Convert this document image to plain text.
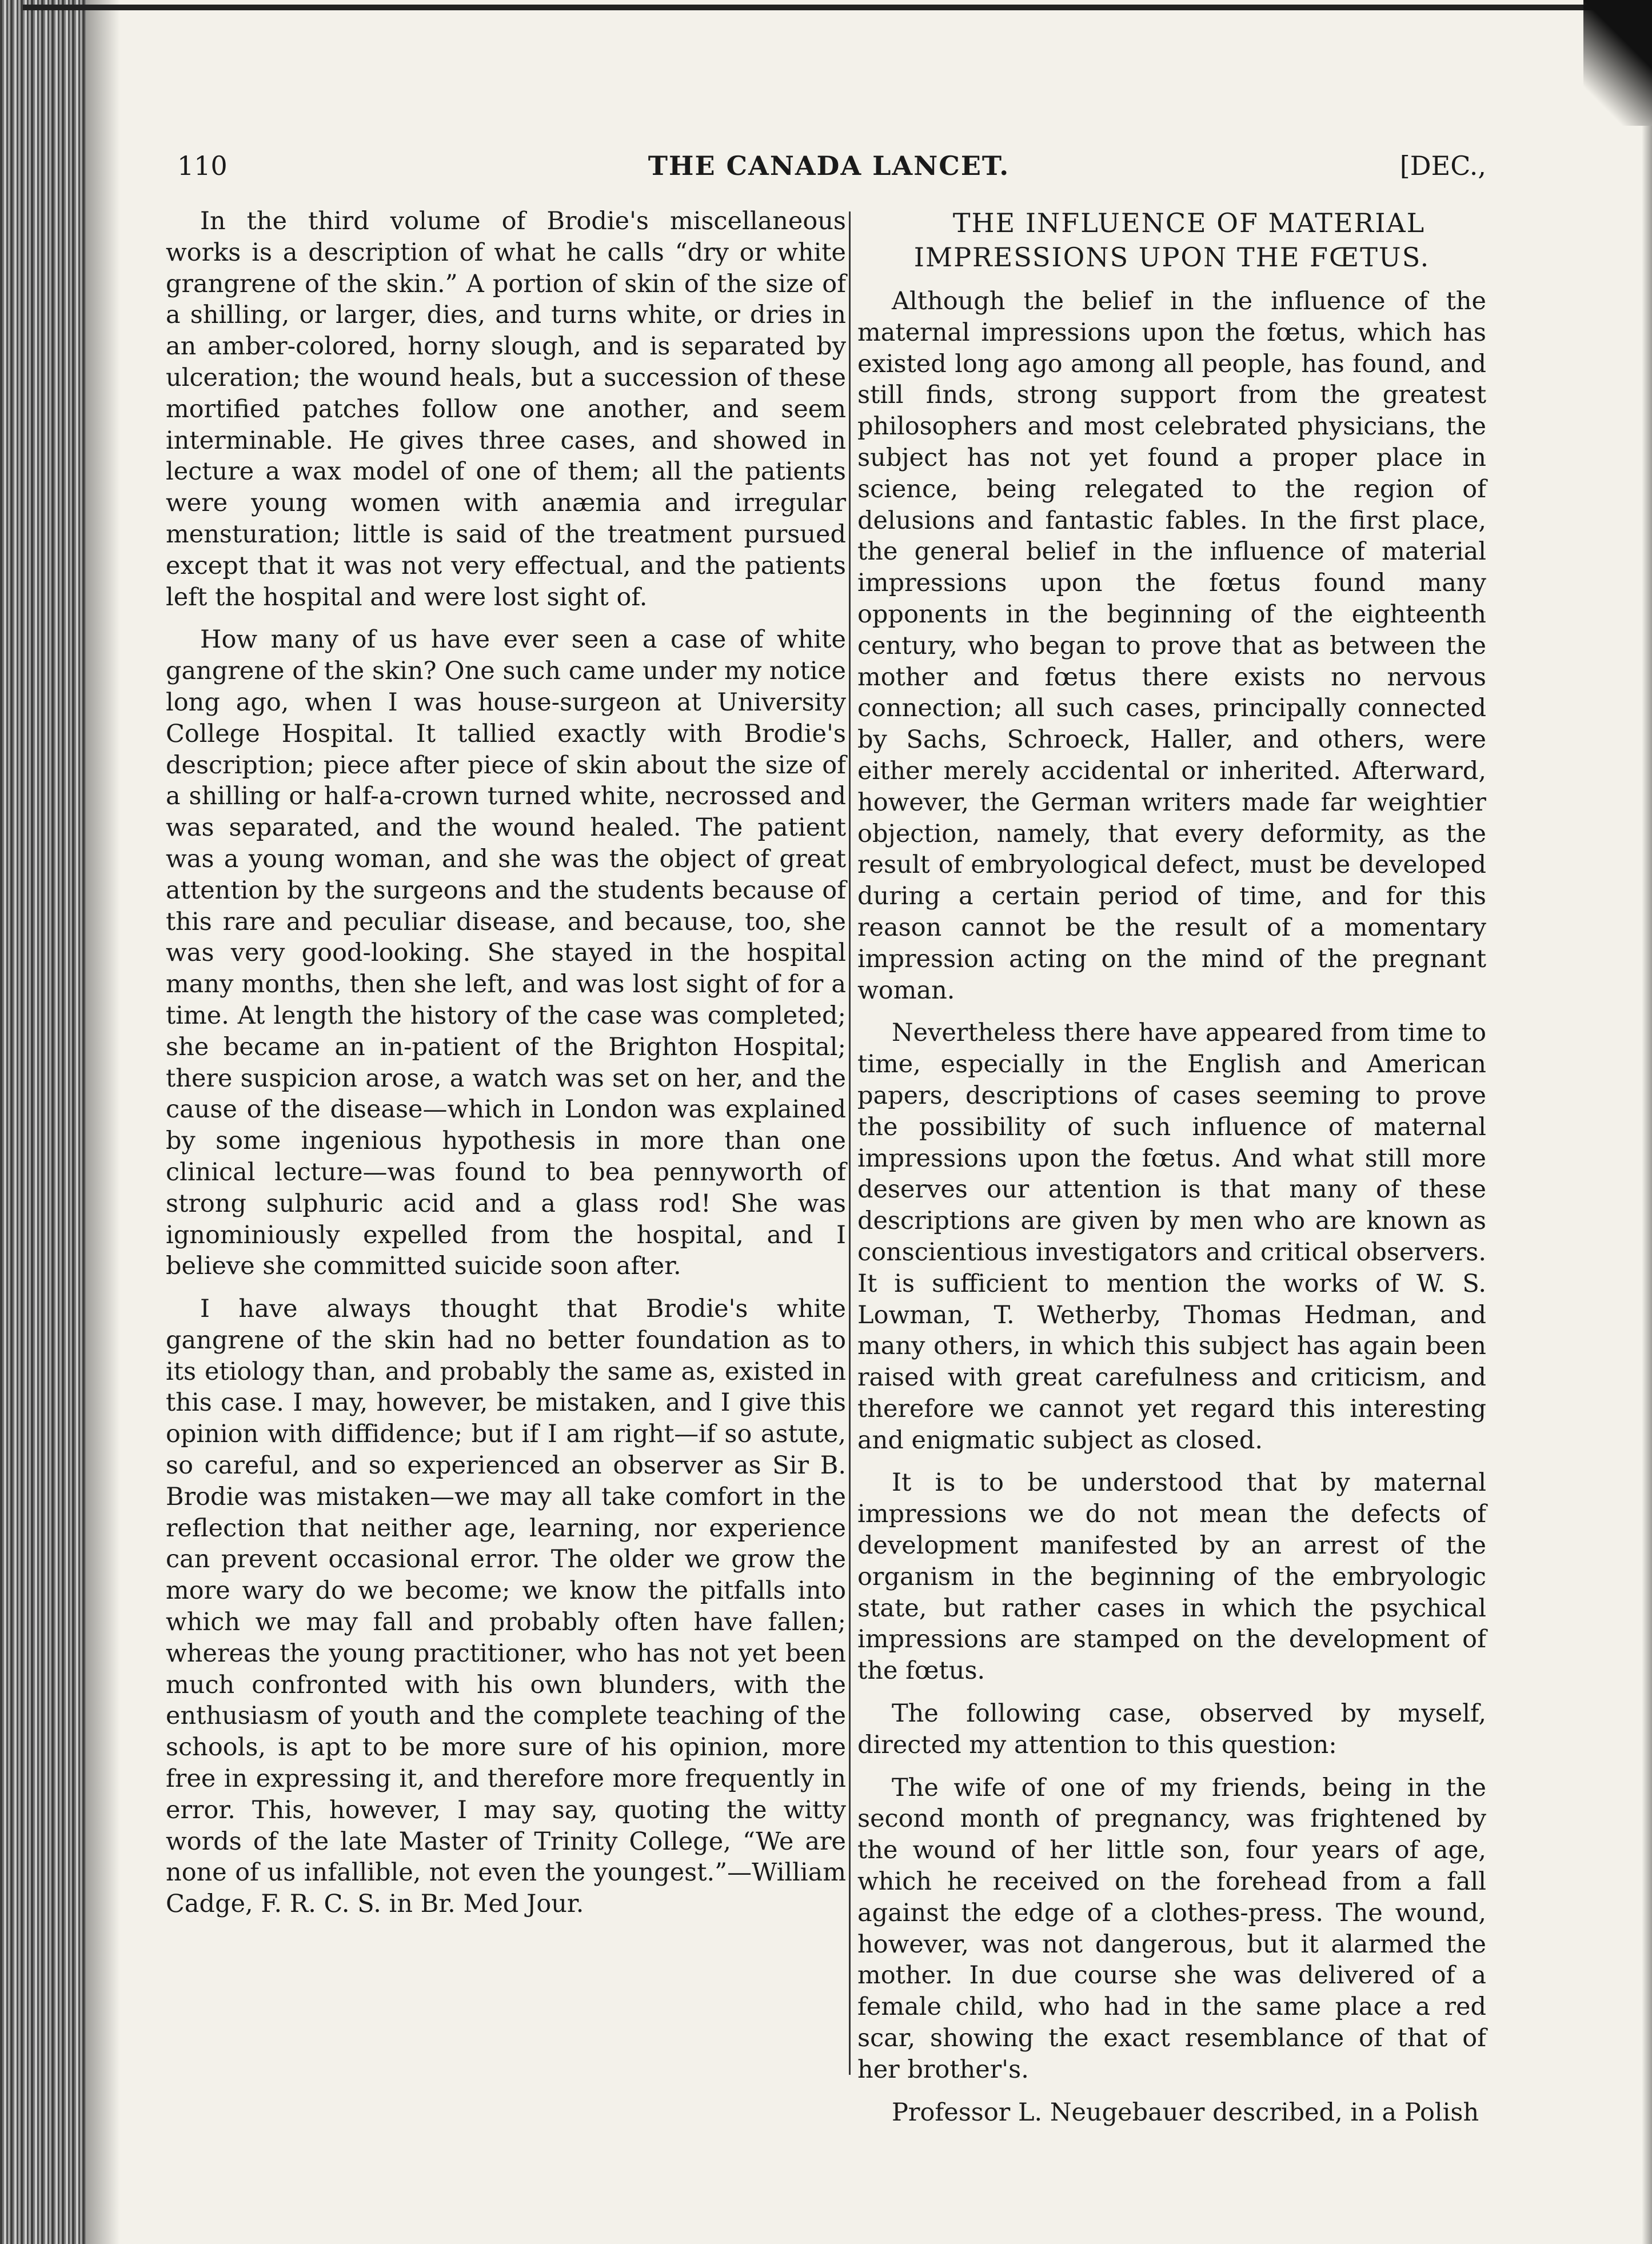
110	THE CANADA LANCET.	[DEC.,

In the third volume of Brodie's miscellaneous works is a description of what he calls “dry or white grangrene of the skin.” A portion of skin of the size of a shilling, or larger, dies, and turns white, or dries in an amber-colored, horny slough, and is separated by ulceration; the wound heals, but a succession of these mortified patches follow one another, and seem interminable. He gives three cases, and showed in lecture a wax model of one of them; all the patients were young women with anæmia and irregular mensturation; little is said of the treatment pursued except that it was not very effectual, and the patients left the hospital and were lost sight of.

How many of us have ever seen a case of white gangrene of the skin? One such came under my notice long ago, when I was house-surgeon at University College Hospital. It tallied exactly with Brodie's description; piece after piece of skin about the size of a shilling or half-a-crown turned white, necrossed and was separated, and the wound healed. The patient was a young woman, and she was the object of great attention by the surgeons and the students because of this rare and peculiar disease, and because, too, she was very good-looking. She stayed in the hospital many months, then she left, and was lost sight of for a time. At length the history of the case was completed; she became an in-patient of the Brighton Hospital; there suspicion arose, a watch was set on her, and the cause of the disease—which in London was explained by some ingenious hypothesis in more than one clinical lecture—was found to bea pennyworth of strong sulphuric acid and a glass rod! She was ignominiously expelled from the hospital, and I believe she committed suicide soon after.

I have always thought that Brodie's white gangrene of the skin had no better foundation as to its etiology than, and probably the same as, existed in this case. I may, however, be mistaken, and I give this opinion with diffidence; but if I am right—if so astute, so careful, and so experienced an observer as Sir B. Brodie was mistaken—we may all take comfort in the reflection that neither age, learning, nor experience can prevent occasional error. The older we grow the more wary do we become; we know the pitfalls into which we may fall and probably often have fallen; whereas the young practitioner, who has not yet been much confronted with his own blunders, with the enthusiasm of youth and the complete teaching of the schools, is apt to be more sure of his opinion, more free in expressing it, and therefore more frequently in error. This, however, I may say, quoting the witty words of the late Master of Trinity College, “We are none of us infallible, not even the youngest.”—William Cadge, F. R. C. S. in Br. Med Jour.

THE INFLUENCE OF MATERIAL IMPRESSIONS UPON THE FŒTUS.

Although the belief in the influence of the maternal impressions upon the fœtus, which has existed long ago among all people, has found, and still finds, strong support from the greatest philosophers and most celebrated physicians, the subject has not yet found a proper place in science, being relegated to the region of delusions and fantastic fables. In the first place, the general belief in the influence of material impressions upon the fœtus found many opponents in the beginning of the eighteenth century, who began to prove that as between the mother and fœtus there exists no nervous connection; all such cases, principally connected by Sachs, Schroeck, Haller, and others, were either merely accidental or inherited. Afterward, however, the German writers made far weightier objection, namely, that every deformity, as the result of embryological defect, must be developed during a certain period of time, and for this reason cannot be the result of a momentary impression acting on the mind of the pregnant woman.

Nevertheless there have appeared from time to time, especially in the English and American papers, descriptions of cases seeming to prove the possibility of such influence of maternal impressions upon the fœtus. And what still more deserves our attention is that many of these descriptions are given by men who are known as conscientious investigators and critical observers. It is sufficient to mention the works of W. S. Lowman, T. Wetherby, Thomas Hedman, and many others, in which this subject has again been raised with great carefulness and criticism, and therefore we cannot yet regard this interesting and enigmatic subject as closed.

It is to be understood that by maternal impressions we do not mean the defects of development manifested by an arrest of the organism in the beginning of the embryologic state, but rather cases in which the psychical impressions are stamped on the development of the fœtus.

The following case, observed by myself, directed my attention to this question:

The wife of one of my friends, being in the second month of pregnancy, was frightened by the wound of her little son, four years of age, which he received on the forehead from a fall against the edge of a clothes-press. The wound, however, was not dangerous, but it alarmed the mother. In due course she was delivered of a female child, who had in the same place a red scar, showing the exact resemblance of that of her brother's.

Professor L. Neugebauer described, in a Polish
